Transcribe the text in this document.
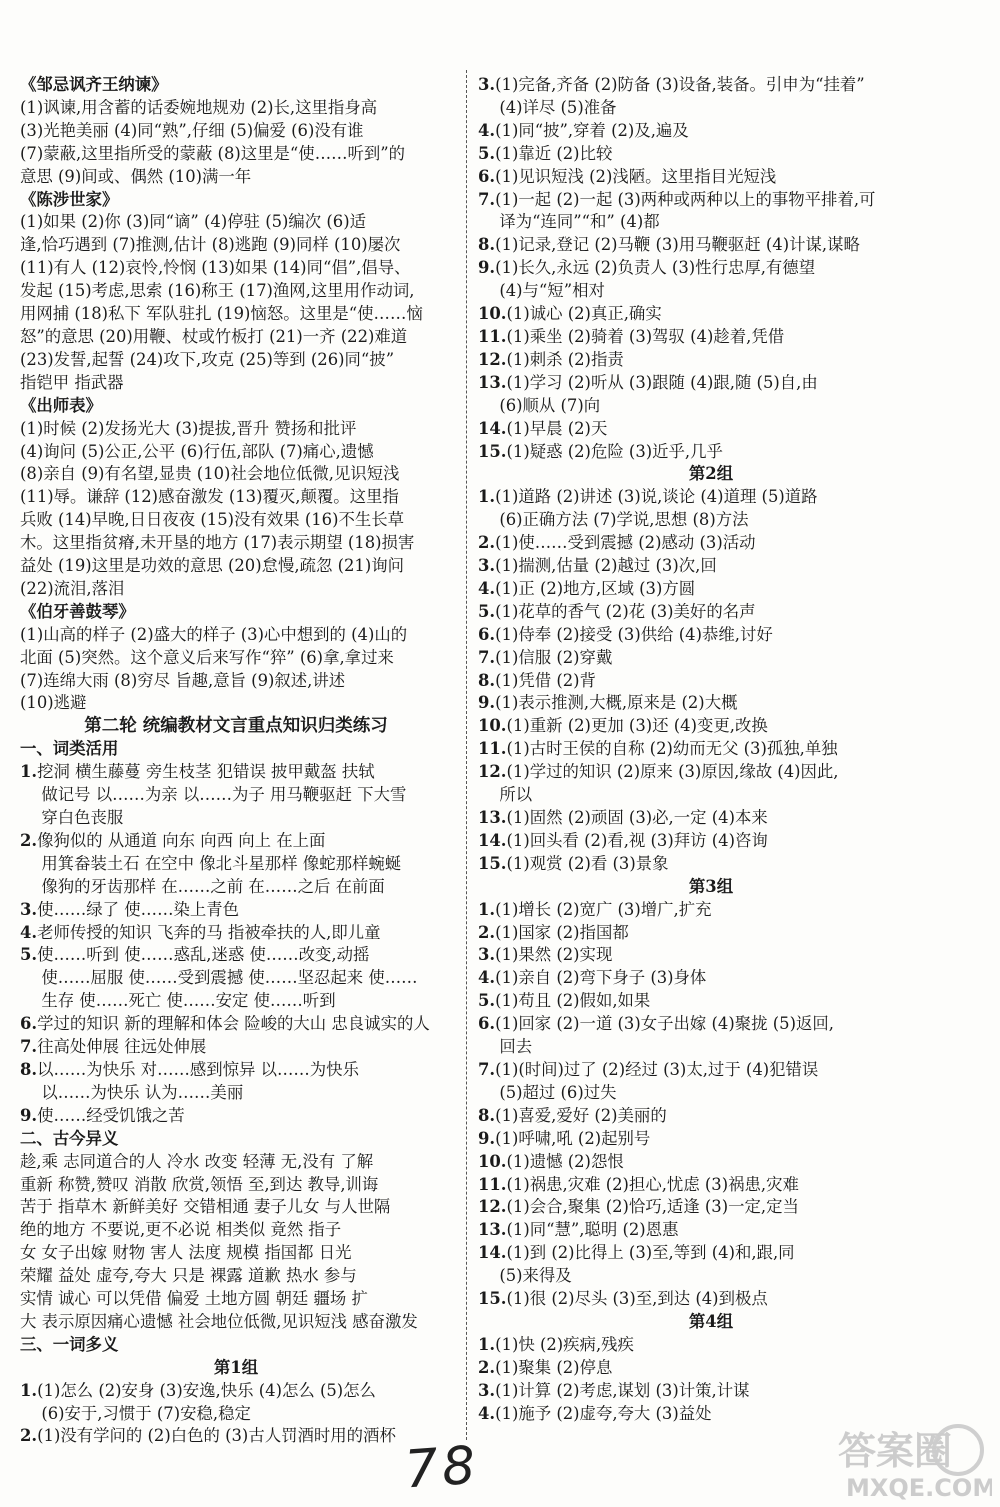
《邹忌讽齐王纳谏》
(1)讽谏,用含蓄的话委婉地规劝 (2)长,这里指身高
(3)光艳美丽 (4)同“熟”,仔细 (5)偏爱 (6)没有谁
(7)蒙蔽,这里指所受的蒙蔽 (8)这里是“使……听到”的
意思 (9)间或、偶然 (10)满一年
《陈涉世家》
(1)如果 (2)你 (3)同“谪” (4)停驻 (5)编次 (6)适
逢,恰巧遇到 (7)推测,估计 (8)逃跑 (9)同样 (10)屡次
(11)有人 (12)哀怜,怜悯 (13)如果 (14)同“倡”,倡导、
发起 (15)考虑,思索 (16)称王 (17)渔网,这里用作动词,
用网捕 (18)私下 军队驻扎 (19)恼怒。这里是“使……恼
怒”的意思 (20)用鞭、杖或竹板打 (21)一齐 (22)难道
(23)发誓,起誓 (24)攻下,攻克 (25)等到 (26)同“披”
指铠甲 指武器
《出师表》
(1)时候 (2)发扬光大 (3)提拔,晋升 赞扬和批评
(4)询问 (5)公正,公平 (6)行伍,部队 (7)痛心,遗憾
(8)亲自 (9)有名望,显贵 (10)社会地位低微,见识短浅
(11)辱。谦辞 (12)感奋激发 (13)覆灭,颠覆。这里指
兵败 (14)早晚,日日夜夜 (15)没有效果 (16)不生长草
木。这里指贫瘠,未开垦的地方 (17)表示期望 (18)损害
益处 (19)这里是功效的意思 (20)怠慢,疏忽 (21)询问
(22)流泪,落泪
《伯牙善鼓琴》
(1)山高的样子 (2)盛大的样子 (3)心中想到的 (4)山的
北面 (5)突然。这个意义后来写作“猝” (6)拿,拿过来
(7)连绵大雨 (8)穷尽 旨趣,意旨 (9)叙述,讲述
(10)逃避
第二轮 统编教材文言重点知识归类练习
一、词类活用
1.挖洞 横生藤蔓 旁生枝茎 犯错误 披甲戴盔 扶轼
做记号 以……为亲 以……为子 用马鞭驱赶 下大雪
穿白色丧服
2.像狗似的 从通道 向东 向西 向上 在上面
用箕畚装土石 在空中 像北斗星那样 像蛇那样蜿蜒
像狗的牙齿那样 在……之前 在……之后 在前面
3.使……绿了 使……染上青色
4.老师传授的知识 飞奔的马 指被牵扶的人,即儿童
5.使……听到 使……惑乱,迷惑 使……改变,动摇
使……屈服 使……受到震撼 使……坚忍起来 使……
生存 使……死亡 使……安定 使……听到
6.学过的知识 新的理解和体会 险峻的大山 忠良诚实的人
7.往高处伸展 往远处伸展
8.以……为快乐 对……感到惊异 以……为快乐
以……为快乐 认为……美丽
9.使……经受饥饿之苦
二、古今异义
趁,乘 志同道合的人 冷水 改变 轻薄 无,没有 了解
重新 称赞,赞叹 消散 欣赏,领悟 至,到达 教导,训诲
苦于 指草木 新鲜美好 交错相通 妻子儿女 与人世隔
绝的地方 不要说,更不必说 相类似 竟然 指子
女 女子出嫁 财物 害人 法度 规模 指国都 日光
荣耀 益处 虚夸,夸大 只是 裸露 道歉 热水 参与
实情 诚心 可以凭借 偏爱 土地方圆 朝廷 疆场 扩
大 表示原因痛心遗憾 社会地位低微,见识短浅 感奋激发
三、一词多义
第1组
1.(1)怎么 (2)安身 (3)安逸,快乐 (4)怎么 (5)怎么
(6)安于,习惯于 (7)安稳,稳定
2.(1)没有学问的 (2)白色的 (3)古人罚酒时用的酒杯
3.(1)完备,齐备 (2)防备 (3)设备,装备。引申为“挂着”
(4)详尽 (5)准备
4.(1)同“披”,穿着 (2)及,遍及
5.(1)靠近 (2)比较
6.(1)见识短浅 (2)浅陋。这里指目光短浅
7.(1)一起 (2)一起 (3)两种或两种以上的事物平排着,可
译为“连同”“和” (4)都
8.(1)记录,登记 (2)马鞭 (3)用马鞭驱赶 (4)计谋,谋略
9.(1)长久,永远 (2)负责人 (3)性行忠厚,有德望
(4)与“短”相对
10.(1)诚心 (2)真正,确实
11.(1)乘坐 (2)骑着 (3)驾驭 (4)趁着,凭借
12.(1)刺杀 (2)指责
13.(1)学习 (2)听从 (3)跟随 (4)跟,随 (5)自,由
(6)顺从 (7)向
14.(1)早晨 (2)天
15.(1)疑惑 (2)危险 (3)近乎,几乎
第2组
1.(1)道路 (2)讲述 (3)说,谈论 (4)道理 (5)道路
(6)正确方法 (7)学说,思想 (8)方法
2.(1)使……受到震撼 (2)感动 (3)活动
3.(1)揣测,估量 (2)越过 (3)次,回
4.(1)正 (2)地方,区域 (3)方圆
5.(1)花草的香气 (2)花 (3)美好的名声
6.(1)侍奉 (2)接受 (3)供给 (4)恭维,讨好
7.(1)信服 (2)穿戴
8.(1)凭借 (2)背
9.(1)表示推测,大概,原来是 (2)大概
10.(1)重新 (2)更加 (3)还 (4)变更,改换
11.(1)古时王侯的自称 (2)幼而无父 (3)孤独,单独
12.(1)学过的知识 (2)原来 (3)原因,缘故 (4)因此,
所以
13.(1)固然 (2)顽固 (3)必,一定 (4)本来
14.(1)回头看 (2)看,视 (3)拜访 (4)咨询
15.(1)观赏 (2)看 (3)景象
第3组
1.(1)增长 (2)宽广 (3)增广,扩充
2.(1)国家 (2)指国都
3.(1)果然 (2)实现
4.(1)亲自 (2)弯下身子 (3)身体
5.(1)苟且 (2)假如,如果
6.(1)回家 (2)一道 (3)女子出嫁 (4)聚拢 (5)返回,
回去
7.(1)(时间)过了 (2)经过 (3)太,过于 (4)犯错误
(5)超过 (6)过失
8.(1)喜爱,爱好 (2)美丽的
9.(1)呼啸,吼 (2)起别号
10.(1)遗憾 (2)怨恨
11.(1)祸患,灾难 (2)担心,忧虑 (3)祸患,灾难
12.(1)会合,聚集 (2)恰巧,适逢 (3)一定,定当
13.(1)同“慧”,聪明 (2)恩惠
14.(1)到 (2)比得上 (3)至,等到 (4)和,跟,同
(5)来得及
15.(1)很 (2)尽头 (3)至,到达 (4)到极点
第4组
1.(1)快 (2)疾病,残疾
2.(1)聚集 (2)停息
3.(1)计算 (2)考虑,谋划 (3)计策,计谋
4.(1)施予 (2)虚夸,夸大 (3)益处
78	答案圈
MXQE.COM
